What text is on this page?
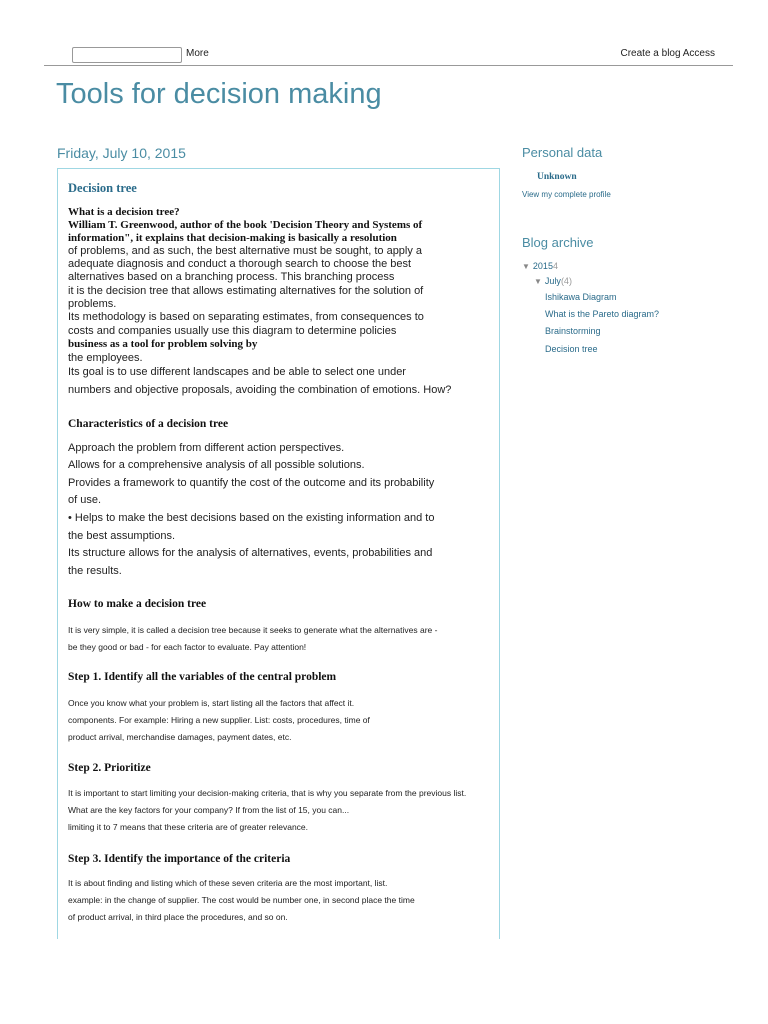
More	Create a blog Access
Tools for decision making
Friday, July 10, 2015
Decision tree
What is a decision tree?
William T. Greenwood, author of the book 'Decision Theory and Systems of
information", it explains that decision-making is basically a resolution
of problems, and as such, the best alternative must be sought, to apply a
adequate diagnosis and conduct a thorough search to choose the best
alternatives based on a branching process. This branching process
it is the decision tree that allows estimating alternatives for the solution of
problems.
Its methodology is based on separating estimates, from consequences to
costs and companies usually use this diagram to determine policies
business as a tool for problem solving by
the employees.
Its goal is to use different landscapes and be able to select one under
numbers and objective proposals, avoiding the combination of emotions. How?
Characteristics of a decision tree
Approach the problem from different action perspectives.
Allows for a comprehensive analysis of all possible solutions.
Provides a framework to quantify the cost of the outcome and its probability
of use.
• Helps to make the best decisions based on the existing information and to
the best assumptions.
Its structure allows for the analysis of alternatives, events, probabilities and
the results.
How to make a decision tree
It is very simple, it is called a decision tree because it seeks to generate what the alternatives are -
be they good or bad - for each factor to evaluate. Pay attention!
Step 1. Identify all the variables of the central problem
Once you know what your problem is, start listing all the factors that affect it.
components. For example: Hiring a new supplier. List: costs, procedures, time of
product arrival, merchandise damages, payment dates, etc.
Step 2. Prioritize
It is important to start limiting your decision-making criteria, that is why you separate from the previous list.
What are the key factors for your company? If from the list of 15, you can...
limiting it to 7 means that these criteria are of greater relevance.
Step 3. Identify the importance of the criteria
It is about finding and listing which of these seven criteria are the most important, list.
example: in the change of supplier. The cost would be number one, in second place the time
of product arrival, in third place the procedures, and so on.
Personal data
Unknown
View my complete profile
Blog archive
▼ 20154
▼ July(4)
Ishikawa Diagram
What is the Pareto diagram?
Brainstorming
Decision tree
